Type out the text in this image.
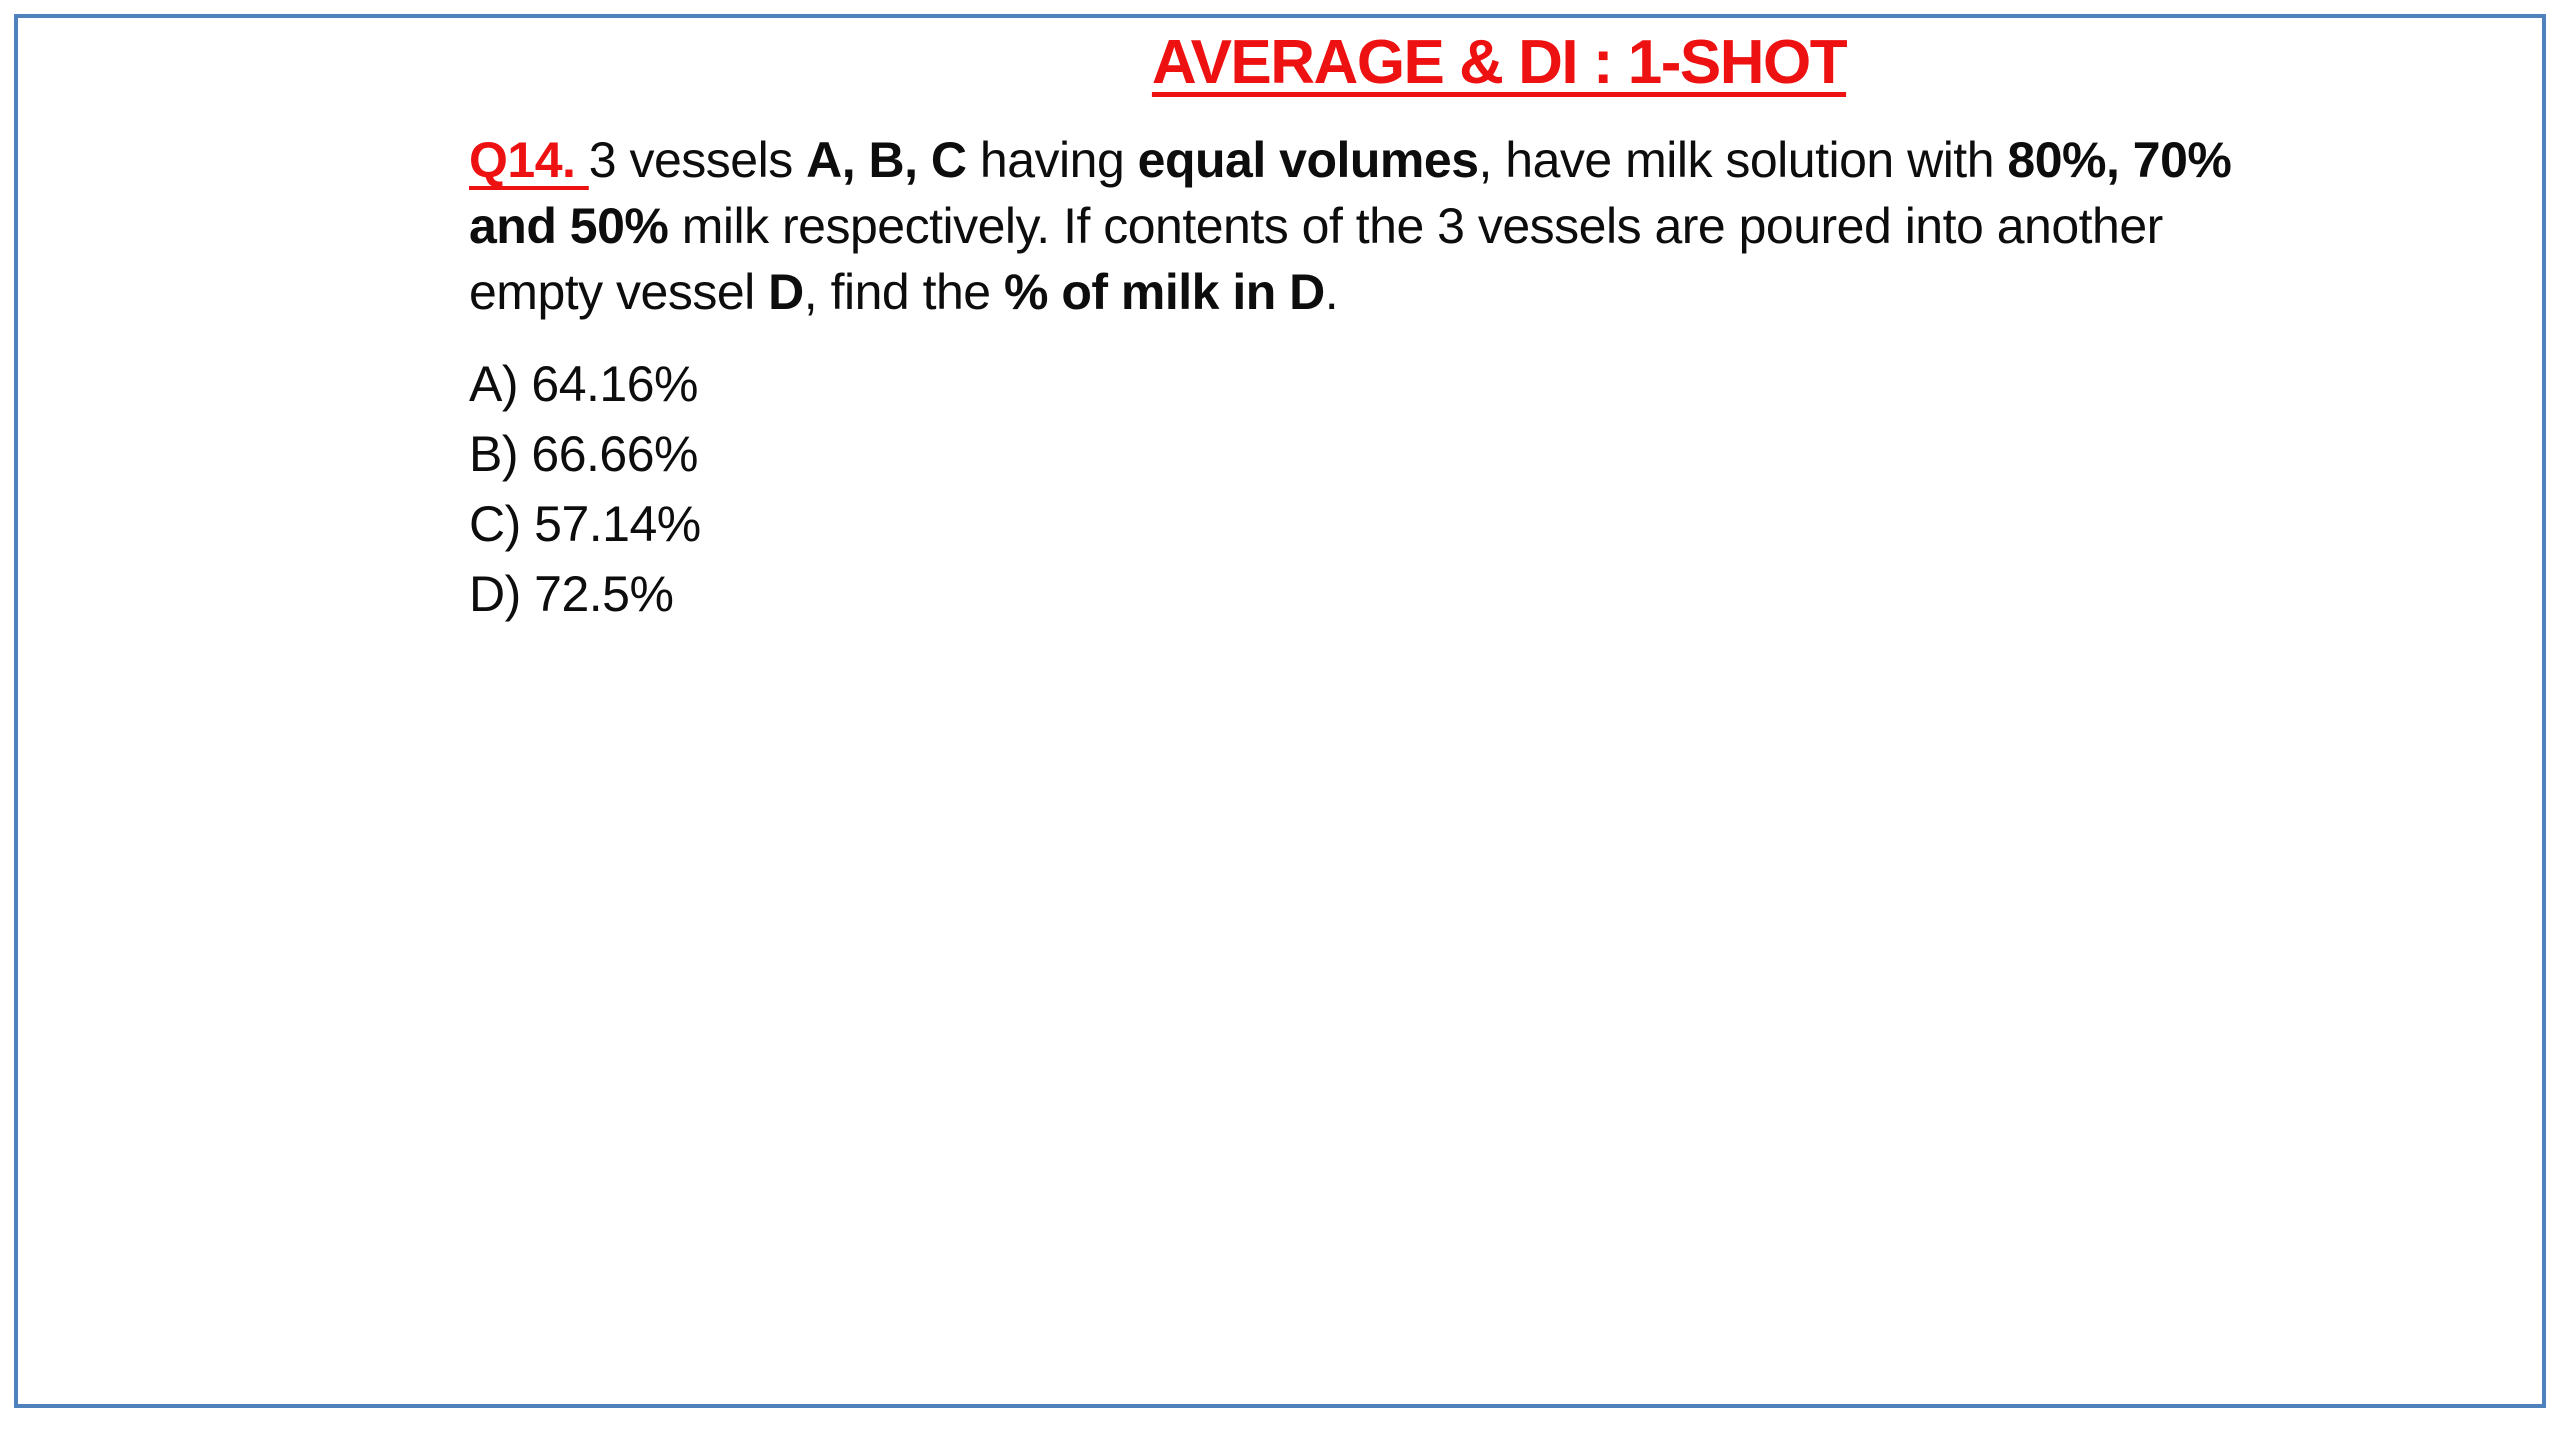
AVERAGE & DI : 1-SHOT
Q14. 3 vessels A, B, C having equal volumes, have milk solution with 80%, 70%
and 50% milk respectively. If contents of the 3 vessels are poured into another
empty vessel D, find the % of milk in D.
A) 64.16%
B) 66.66%
C) 57.14%
D) 72.5%
